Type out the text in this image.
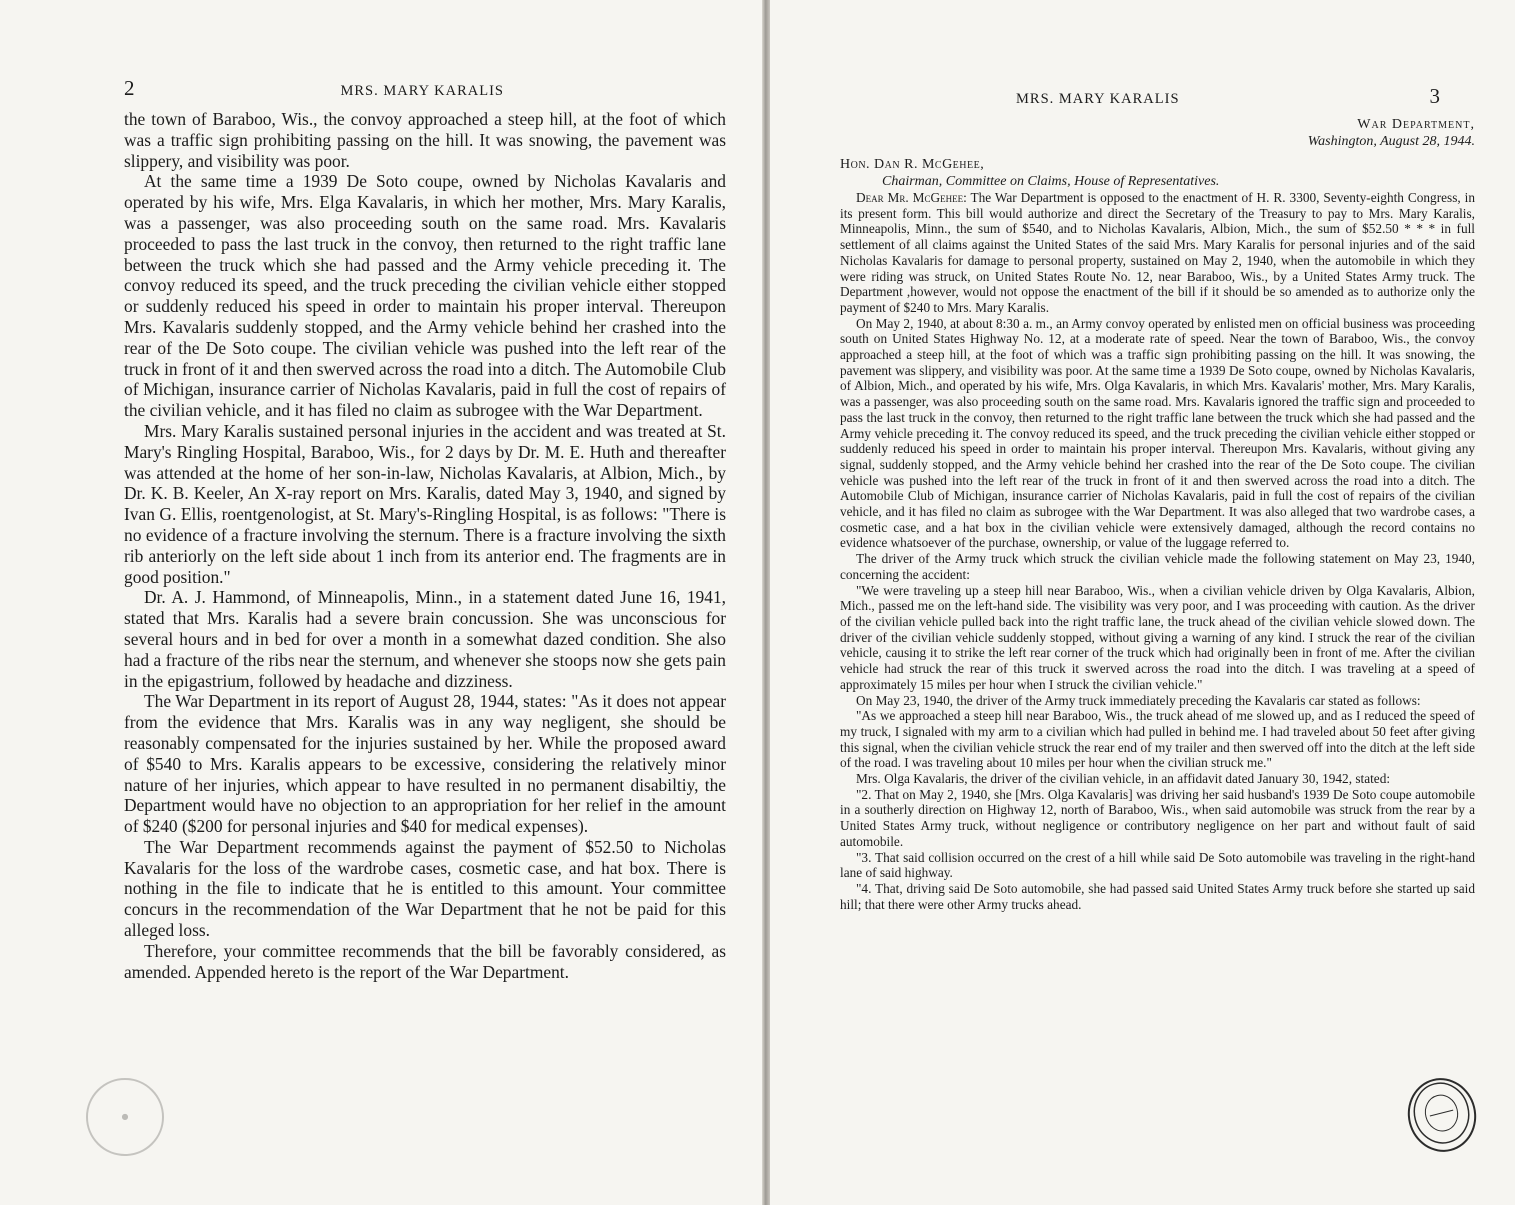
2	MRS. MARY KARALIS

the town of Baraboo, Wis., the convoy approached a steep hill, at the foot of which was a traffic sign prohibiting passing on the hill. It was snowing, the pavement was slippery, and visibility was poor.

At the same time a 1939 De Soto coupe, owned by Nicholas Kavalaris and operated by his wife, Mrs. Elga Kavalaris, in which her mother, Mrs. Mary Karalis, was a passenger, was also proceeding south on the same road. Mrs. Kavalaris proceeded to pass the last truck in the convoy, then returned to the right traffic lane between the truck which she had passed and the Army vehicle preceding it. The convoy reduced its speed, and the truck preceding the civilian vehicle either stopped or suddenly reduced his speed in order to maintain his proper interval. Thereupon Mrs. Kavalaris suddenly stopped, and the Army vehicle behind her crashed into the rear of the De Soto coupe. The civilian vehicle was pushed into the left rear of the truck in front of it and then swerved across the road into a ditch. The Automobile Club of Michigan, insurance carrier of Nicholas Kavalaris, paid in full the cost of repairs of the civilian vehicle, and it has filed no claim as subrogee with the War Department.

Mrs. Mary Karalis sustained personal injuries in the accident and was treated at St. Mary's Ringling Hospital, Baraboo, Wis., for 2 days by Dr. M. E. Huth and thereafter was attended at the home of her son-in-law, Nicholas Kavalaris, at Albion, Mich., by Dr. K. B. Keeler, An X-ray report on Mrs. Karalis, dated May 3, 1940, and signed by Ivan G. Ellis, roentgenologist, at St. Mary's-Ringling Hospital, is as follows: "There is no evidence of a fracture involving the sternum. There is a fracture involving the sixth rib anteriorly on the left side about 1 inch from its anterior end. The fragments are in good position."

Dr. A. J. Hammond, of Minneapolis, Minn., in a statement dated June 16, 1941, stated that Mrs. Karalis had a severe brain concussion. She was unconscious for several hours and in bed for over a month in a somewhat dazed condition. She also had a fracture of the ribs near the sternum, and whenever she stoops now she gets pain in the epigastrium, followed by headache and dizziness.

The War Department in its report of August 28, 1944, states: "As it does not appear from the evidence that Mrs. Karalis was in any way negligent, she should be reasonably compensated for the injuries sustained by her. While the proposed award of $540 to Mrs. Karalis appears to be excessive, considering the relatively minor nature of her injuries, which appear to have resulted in no permanent disabiltiy, the Department would have no objection to an appropriation for her relief in the amount of $240 ($200 for personal injuries and $40 for medical expenses).

The War Department recommends against the payment of $52.50 to Nicholas Kavalaris for the loss of the wardrobe cases, cosmetic case, and hat box. There is nothing in the file to indicate that he is entitled to this amount. Your committee concurs in the recommendation of the War Department that he not be paid for this alleged loss.

Therefore, your committee recommends that the bill be favorably considered, as amended. Appended hereto is the report of the War Department.

MRS. MARY KARALIS	3
War Department,
Washington, August 28, 1944.
Hon. Dan R. McGehee,
Chairman, Committee on Claims, House of Representatives.

Dear Mr. McGehee: The War Department is opposed to the enactment of H. R. 3300, Seventy-eighth Congress, in its present form. This bill would authorize and direct the Secretary of the Treasury to pay to Mrs. Mary Karalis, Minneapolis, Minn., the sum of $540, and to Nicholas Kavalaris, Albion, Mich., the sum of $52.50 * * * in full settlement of all claims against the United States of the said Mrs. Mary Karalis for personal injuries and of the said Nicholas Kavalaris for damage to personal property, sustained on May 2, 1940, when the automobile in which they were riding was struck, on United States Route No. 12, near Baraboo, Wis., by a United States Army truck. The Department ,however, would not oppose the enactment of the bill if it should be so amended as to authorize only the payment of $240 to Mrs. Mary Karalis.

On May 2, 1940, at about 8:30 a. m., an Army convoy operated by enlisted men on official business was proceeding south on United States Highway No. 12, at a moderate rate of speed. Near the town of Baraboo, Wis., the convoy approached a steep hill, at the foot of which was a traffic sign prohibiting passing on the hill. It was snowing, the pavement was slippery, and visibility was poor. At the same time a 1939 De Soto coupe, owned by Nicholas Kavalaris, of Albion, Mich., and operated by his wife, Mrs. Olga Kavalaris, in which Mrs. Kavalaris' mother, Mrs. Mary Karalis, was a passenger, was also proceeding south on the same road. Mrs. Kavalaris ignored the traffic sign and proceeded to pass the last truck in the convoy, then returned to the right traffic lane between the truck which she had passed and the Army vehicle preceding it. The convoy reduced its speed, and the truck preceding the civilian vehicle either stopped or suddenly reduced his speed in order to maintain his proper interval. Thereupon Mrs. Kavalaris, without giving any signal, suddenly stopped, and the Army vehicle behind her crashed into the rear of the De Soto coupe. The civilian vehicle was pushed into the left rear of the truck in front of it and then swerved across the road into a ditch. The Automobile Club of Michigan, insurance carrier of Nicholas Kavalaris, paid in full the cost of repairs of the civilian vehicle, and it has filed no claim as subrogee with the War Department. It was also alleged that two wardrobe cases, a cosmetic case, and a hat box in the civilian vehicle were extensively damaged, although the record contains no evidence whatsoever of the purchase, ownership, or value of the luggage referred to.

The driver of the Army truck which struck the civilian vehicle made the following statement on May 23, 1940, concerning the accident:

"We were traveling up a steep hill near Baraboo, Wis., when a civilian vehicle driven by Olga Kavalaris, Albion, Mich., passed me on the left-hand side. The visibility was very poor, and I was proceeding with caution. As the driver of the civilian vehicle pulled back into the right traffic lane, the truck ahead of the civilian vehicle slowed down. The driver of the civilian vehicle suddenly stopped, without giving a warning of any kind. I struck the rear of the civilian vehicle, causing it to strike the left rear corner of the truck which had originally been in front of me. After the civilian vehicle had struck the rear of this truck it swerved across the road into the ditch. I was traveling at a speed of approximately 15 miles per hour when I struck the civilian vehicle."

On May 23, 1940, the driver of the Army truck immediately preceding the Kavalaris car stated as follows:

"As we approached a steep hill near Baraboo, Wis., the truck ahead of me slowed up, and as I reduced the speed of my truck, I signaled with my arm to a civilian which had pulled in behind me. I had traveled about 50 feet after giving this signal, when the civilian vehicle struck the rear end of my trailer and then swerved off into the ditch at the left side of the road. I was traveling about 10 miles per hour when the civilian struck me."

Mrs. Olga Kavalaris, the driver of the civilian vehicle, in an affidavit dated January 30, 1942, stated:

"2. That on May 2, 1940, she [Mrs. Olga Kavalaris] was driving her said husband's 1939 De Soto coupe automobile in a southerly direction on Highway 12, north of Baraboo, Wis., when said automobile was struck from the rear by a United States Army truck, without negligence or contributory negligence on her part and without fault of said automobile.

"3. That said collision occurred on the crest of a hill while said De Soto automobile was traveling in the right-hand lane of said highway.

"4. That, driving said De Soto automobile, she had passed said United States Army truck before she started up said hill; that there were other Army trucks ahead.

●
